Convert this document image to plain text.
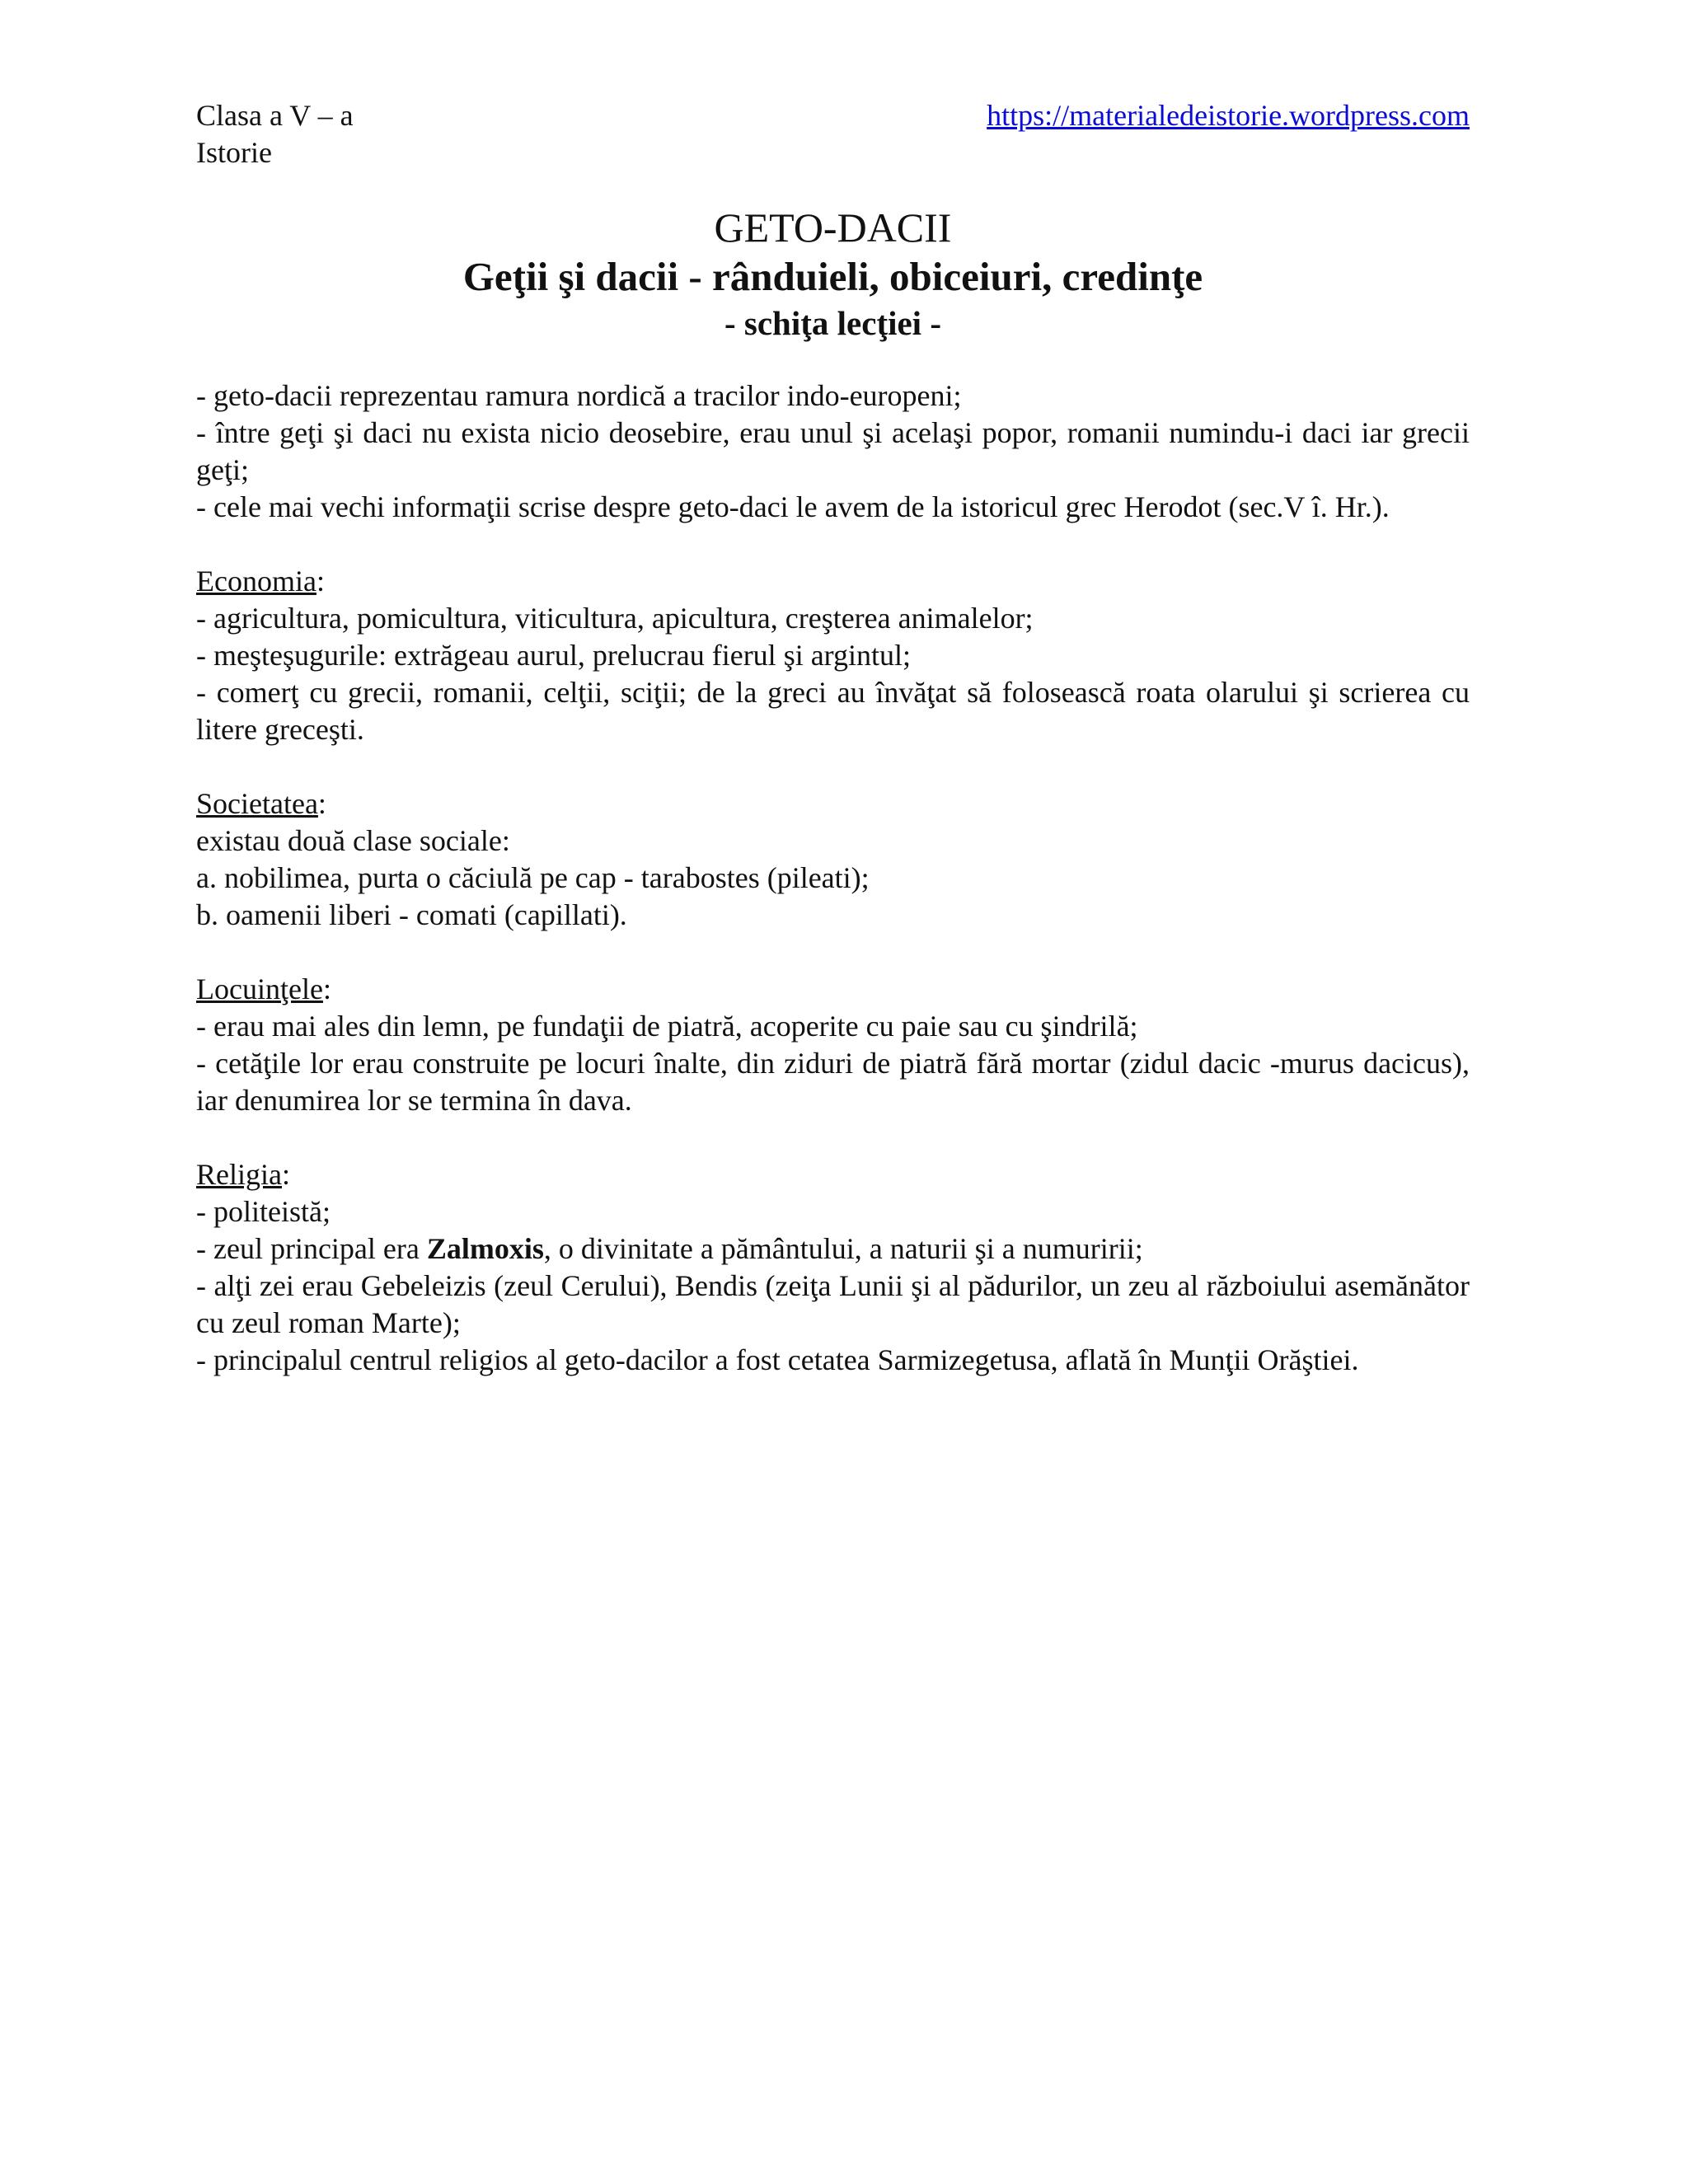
Clasa a V – a
Istorie
https://materialedeistorie.wordpress.com
GETO-DACII
Geţii şi dacii - rânduieli, obiceiuri, credinţe
- schiţa lecţiei -
- geto-dacii reprezentau ramura nordică a tracilor indo-europeni;
- între geţi şi daci nu exista nicio deosebire, erau unul şi acelaşi popor, romanii numindu-i daci iar grecii geţi;
- cele mai vechi informaţii scrise despre geto-daci le avem de la istoricul grec Herodot (sec.V î. Hr.).
Economia:
- agricultura, pomicultura, viticultura, apicultura, creşterea animalelor;
- meşteşugurile: extrăgeau aurul, prelucrau fierul şi argintul;
- comerţ cu grecii, romanii, celţii, sciţii; de la greci au învăţat să folosească roata olarului şi scrierea cu litere greceşti.
Societatea:
existau două clase sociale:
a. nobilimea, purta o căciulă pe cap - tarabostes (pileati);
b. oamenii liberi - comati (capillati).
Locuinţele:
- erau mai ales din lemn, pe fundaţii de piatră, acoperite cu paie sau cu şindrilă;
- cetăţile lor erau construite pe locuri înalte, din ziduri de piatră fără mortar (zidul dacic -murus dacicus), iar denumirea lor se termina în dava.
Religia:
- politeistă;
- zeul principal era Zalmoxis, o divinitate a pământului, a naturii şi a numuririi;
- alţi zei erau Gebeleizis (zeul Cerului), Bendis (zeiţa Lunii şi al pădurilor, un zeu al războiului asemănător cu zeul roman Marte);
- principalul centrul religios al geto-dacilor a fost cetatea Sarmizegetusa, aflată în Munţii Orăştiei.
